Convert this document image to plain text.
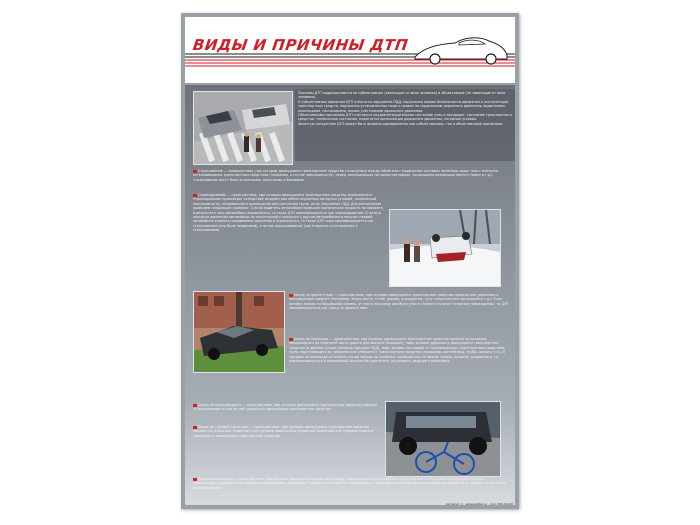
ВИДЫ И ПРИЧИНЫ ДТП

Причины ДТП подразделяются на субъективные (зависящие от воли человека) и объективные (не зависящие от воли человека).

К субъективным причинам ДТП относятся нарушения ПДД, нарушения правил безопасности движения и эксплуатации транспортных средств, нарушения установленных норм и правил по содержанию дорожного движения, водителями, пешеходами, пассажирами, иными участниками дорожного движения.

Объективными причинами ДТП считаются неудовлетворительное состояние улиц и автодорог, состояние транспортного средства, техническое состояние, недостатки организации дорожного движения, погодные условия.

Зачастую конкретное ДТП может быть вызвано одновременно как субъективными, так и объективными причинами.

Столкновение — происшествие, при котором движущиеся транспортные средства столкнулись между собой или с подвижным составом железных дорог (как с внезапно остановившимся транспортным средством (например, в случае неисправности), перед запрещающим сигналом светофора, неожиданно возникшим препятствием и т.д.). Столкновения могут быть встречными, попутными и боковыми.
Опрокидывание — происшествие, при котором движущееся транспортное средство опрокинулось. Опрокидывание происходит вследствие воздействия неблагоприятных погодных условий, технической неисправности, неправильного размещения или крепления груза, из-за нарушения ПДД. Для разъяснения приведем следующие примеры: 1) если водитель автомобиля превысил критическую скорость на повороте, в результате чего автомобиль опрокинулся, то такое ДТП квалифицируется как опрокидывание; 2) если в процессе движения автомобиль по касательной столкнулся с другим автомобилем и получил первый автомобиль изменил направление движения и опрокинулся, то такое ДТП тоже квалифицируется как столкновение (оно было первичным), а не как опрокидывание (оно вторично по отношению к столкновению).
Наезд на препятствие — происшествие, при котором движущееся транспортное средство наехало или ударилось о неподвижный предмет (например, опору моста, столб, дерево, ограждение, кучу строительного материала и т.д.). Если автобус наехал на бордюрный камень, от этого пассажир автобуса упал в салоне и получил телесные повреждения, то ДТП квалифицируется как наезд на препятствие.
Наезд на пешехода — происшествие, при котором движущееся транспортное средство наехало на человека, находящегося на проезжей части дороги или обочине (бордюре), либо человек ударился о движущееся транспортное средство (в данном случае пешеход нарушил ПДД), либо человек пострадал от перемещаемого транспортным средством груза, выступающего за габариты или упавшего с транспортного средства (например, контейнеры, трубы, доски и т.п.). К наездам на пешехода относятся случаи наезда на человека, катающегося на лыжах, санках, коньках, самокатах и т.п., передвигающегося в инвалидной коляске без двигателя, на роликах, ведущего велосипед.
Наезд на велосипедиста — происшествие, при котором движущееся транспортное средство наехало на велосипедиста или он сам ударился о движущееся транспортное средство.
Наезд на гужевой транспорт — происшествие, при котором движущееся транспортное средство наехало на упряжных животных или гужевые повозки или упряжные животные или гужевые повозки ударились о движущееся транспортное средство.
Падение пассажира — происшествие, при котором произошло падение пассажира с движущегося транспортного средства или в его салоне в результате резкого торможения, ускорения или изменения направления движения. Падение пассажира из неподвижного транспортного средства при посадке (высадке) на остановке не является происшествием.
Артикул: 1 · www.poster.ru · тел. 000-00-00
